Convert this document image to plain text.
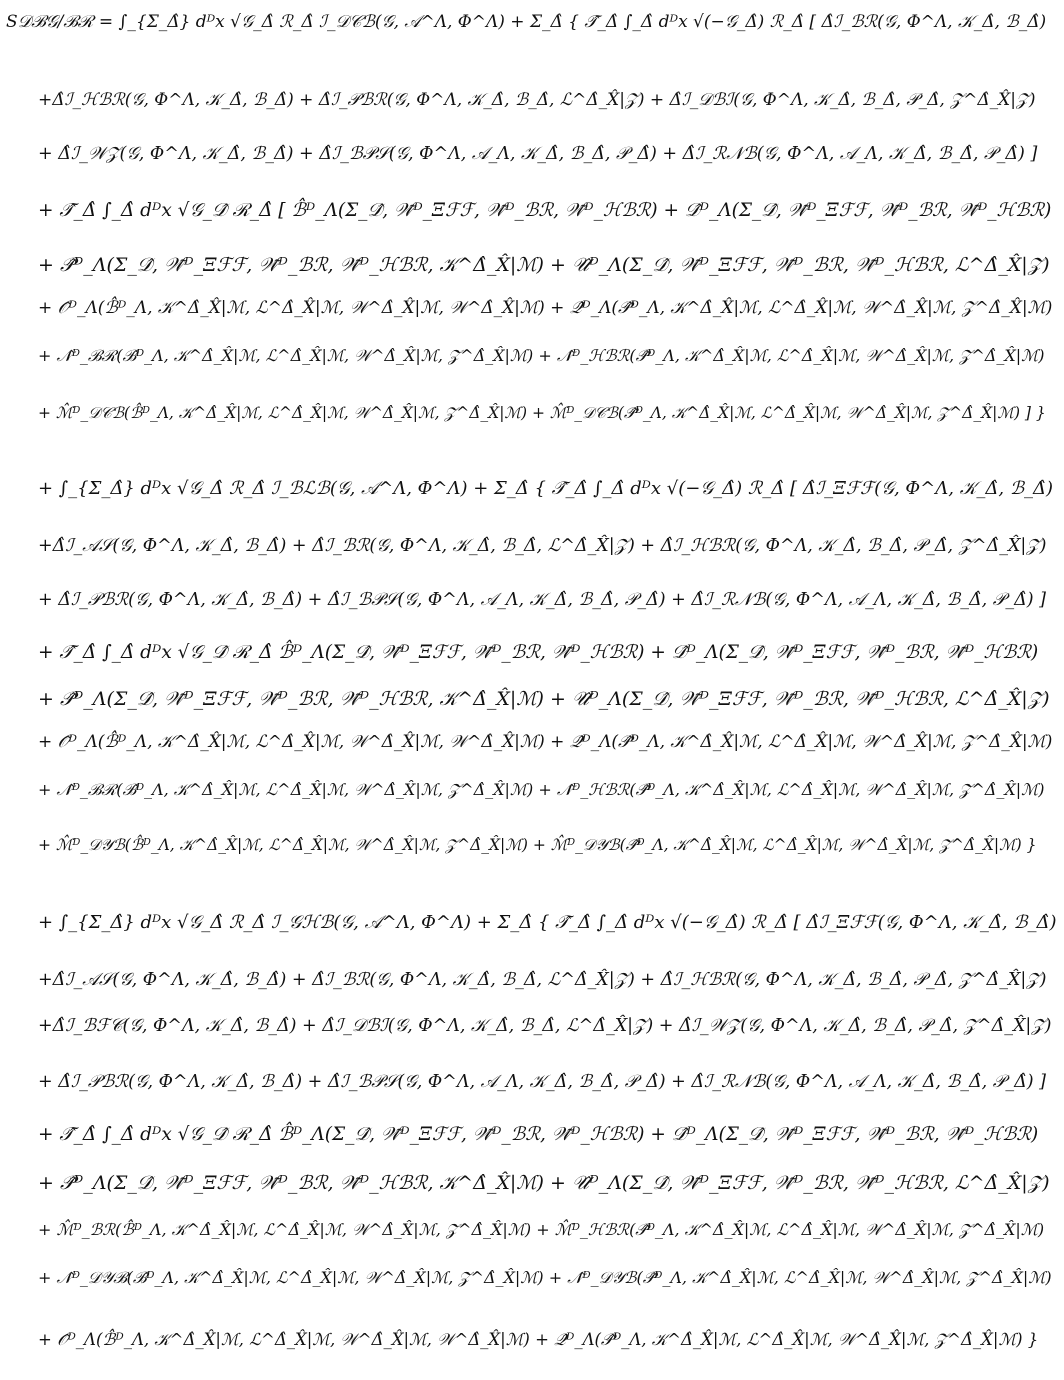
S𝒟ℬ𝒢/ℬℛ = ∫_{Σ_Δ̂} dᴰx √𝒢_Δ̂ ℛ_Δ̂ ℐ_𝒟𝒞ℬ(𝒢, 𝒜^Λ, Φ^Λ) + Σ_Δ̂ { 𝒯̂_Δ̂ ∫_Δ̂ dᴰx √(−𝒢_Δ̂) ℛ_Δ̂ [ Δ̂ℐ_ℬℛ(𝒢, Φ^Λ, 𝒦_Δ̂, ℬ_Δ̂)
+Δ̂ℐ_ℋℬℛ(𝒢, Φ^Λ, 𝒦_Δ̂, ℬ_Δ̂) + Δ̂ℐ_𝒫ℬℛ(𝒢, Φ^Λ, 𝒦_Δ̂, ℬ_Δ̂, ℒ^Δ̂_X̂|𝒵) + Δ̂ℐ_𝒟ℬℐ(𝒢, Φ^Λ, 𝒦_Δ̂, ℬ_Δ̂, 𝒫_Δ̂, 𝒵^Δ̂_X̂|𝒵)
+ Δ̂ℐ_𝒲𝒵(𝒢, Φ^Λ, 𝒦_Δ̂, ℬ_Δ̂) + Δ̂ℐ_ℬ𝒫𝒮(𝒢, Φ^Λ, 𝒜_Λ, 𝒦_Δ̂, ℬ_Δ̂, 𝒫_Δ̂) + Δ̂ℐ_ℛ𝒩ℬ(𝒢, Φ^Λ, 𝒜_Λ, 𝒦_Δ̂, ℬ_Δ̂, 𝒫_Δ̂) ]
+ 𝒯̂_Δ̂ ∫_Δ̂ dᴰx √𝒢_𝒟̂ ℛ_Δ̂ [ ℬ̂ᴰ_Λ(Σ_𝒟̂, 𝒲̃ᴰ_Ξℱℱ, 𝒲̃ᴰ_ℬℛ, 𝒲̃ᴰ_ℋℬℛ) + 𝒟̂ᴰ_Λ(Σ_𝒟̂, 𝒲̃ᴰ_Ξℱℱ, 𝒲̃ᴰ_ℬℛ, 𝒲̃ᴰ_ℋℬℛ)
+ 𝒫̂ᴰ_Λ(Σ_𝒟̂, 𝒲̃ᴰ_Ξℱℱ, 𝒲̃ᴰ_ℬℛ, 𝒲̃ᴰ_ℋℬℛ, 𝒦^Δ̂_X̂|ℳ) + 𝒰̂ᴰ_Λ(Σ_𝒟̂, 𝒲̃ᴰ_Ξℱℱ, 𝒲̃ᴰ_ℬℛ, 𝒲̃ᴰ_ℋℬℛ, ℒ^Δ̂_X̂|𝒵)
+ 𝒪̂ᴰ_Λ(ℬ̂ᴰ_Λ, 𝒦^Δ̂_X̂|ℳ, ℒ^Δ̂_X̂|ℳ, 𝒲^Δ̂_X̂|ℳ, 𝒲^Δ̂_X̂|ℳ) + 𝒬̂ᴰ_Λ(𝒫̂ᴰ_Λ, 𝒦^Δ̂_X̂|ℳ, ℒ^Δ̂_X̂|ℳ, 𝒲^Δ̂_X̂|ℳ, 𝒵^Δ̂_X̂|ℳ)
+ 𝒩̂ᴰ_ℬℛ(ℬ̂ᴰ_Λ, 𝒦^Δ̂_X̂|ℳ, ℒ^Δ̂_X̂|ℳ, 𝒲^Δ̂_X̂|ℳ, 𝒵^Δ̂_X̂|ℳ) + 𝒩̂ᴰ_ℋℬℛ(𝒫̂ᴰ_Λ, 𝒦^Δ̂_X̂|ℳ, ℒ^Δ̂_X̂|ℳ, 𝒲^Δ̂_X̂|ℳ, 𝒵^Δ̂_X̂|ℳ)
+ ℳ̂ᴰ_𝒟𝒞ℬ(ℬ̂ᴰ_Λ, 𝒦^Δ̂_X̂|ℳ, ℒ^Δ̂_X̂|ℳ, 𝒲^Δ̂_X̂|ℳ, 𝒵^Δ̂_X̂|ℳ) + ℳ̂ᴰ_𝒟𝒞ℬ(𝒫̂ᴰ_Λ, 𝒦^Δ̂_X̂|ℳ, ℒ^Δ̂_X̂|ℳ, 𝒲^Δ̂_X̂|ℳ, 𝒵^Δ̂_X̂|ℳ) ] }
+ ∫_{Σ_Δ̂} dᴰx √𝒢_Δ̂ ℛ_Δ̂ ℐ_ℬℒℬ(𝒢, 𝒜^Λ, Φ^Λ) + Σ_Δ̂ { 𝒯̂_Δ̂ ∫_Δ̂ dᴰx √(−𝒢_Δ̂) ℛ_Δ̂ [ Δ̂ℐ_Ξℱℱ(𝒢, Φ^Λ, 𝒦_Δ̂, ℬ_Δ̂)
+Δ̂ℐ_𝒜𝒮(𝒢, Φ^Λ, 𝒦_Δ̂, ℬ_Δ̂) + Δ̂ℐ_ℬℛ(𝒢, Φ^Λ, 𝒦_Δ̂, ℬ_Δ̂, ℒ^Δ̂_X̂|𝒵) + Δ̂ℐ_ℋℬℛ(𝒢, Φ^Λ, 𝒦_Δ̂, ℬ_Δ̂, 𝒫_Δ̂, 𝒵^Δ̂_X̂|𝒵)
+ Δ̂ℐ_𝒫ℬℛ(𝒢, Φ^Λ, 𝒦_Δ̂, ℬ_Δ̂) + Δ̂ℐ_ℬ𝒫𝒮(𝒢, Φ^Λ, 𝒜_Λ, 𝒦_Δ̂, ℬ_Δ̂, 𝒫_Δ̂) + Δ̂ℐ_ℛ𝒩ℬ(𝒢, Φ^Λ, 𝒜_Λ, 𝒦_Δ̂, ℬ_Δ̂, 𝒫_Δ̂) ]
+ 𝒯̂_Δ̂ ∫_Δ̂ dᴰx √𝒢_𝒟̂ ℛ_Δ̂ ℬ̂ᴰ_Λ(Σ_𝒟̂, 𝒲̃ᴰ_Ξℱℱ, 𝒲̃ᴰ_ℬℛ, 𝒲̃ᴰ_ℋℬℛ) + 𝒟̂ᴰ_Λ(Σ_𝒟̂, 𝒲̃ᴰ_Ξℱℱ, 𝒲̃ᴰ_ℬℛ, 𝒲̃ᴰ_ℋℬℛ)
+ 𝒫̂ᴰ_Λ(Σ_𝒟̂, 𝒲̃ᴰ_Ξℱℱ, 𝒲̃ᴰ_ℬℛ, 𝒲̃ᴰ_ℋℬℛ, 𝒦^Δ̂_X̂|ℳ) + 𝒰̂ᴰ_Λ(Σ_𝒟̂, 𝒲̃ᴰ_Ξℱℱ, 𝒲̃ᴰ_ℬℛ, 𝒲̃ᴰ_ℋℬℛ, ℒ^Δ̂_X̂|𝒵)
+ 𝒪̂ᴰ_Λ(ℬ̂ᴰ_Λ, 𝒦^Δ̂_X̂|ℳ, ℒ^Δ̂_X̂|ℳ, 𝒲^Δ̂_X̂|ℳ, 𝒲^Δ̂_X̂|ℳ) + 𝒬̂ᴰ_Λ(𝒫̂ᴰ_Λ, 𝒦^Δ̂_X̂|ℳ, ℒ^Δ̂_X̂|ℳ, 𝒲^Δ̂_X̂|ℳ, 𝒵^Δ̂_X̂|ℳ)
+ 𝒩̂ᴰ_ℬℛ(ℬ̂ᴰ_Λ, 𝒦^Δ̂_X̂|ℳ, ℒ^Δ̂_X̂|ℳ, 𝒲^Δ̂_X̂|ℳ, 𝒵^Δ̂_X̂|ℳ) + 𝒩̂ᴰ_ℋℬℛ(𝒫̂ᴰ_Λ, 𝒦^Δ̂_X̂|ℳ, ℒ^Δ̂_X̂|ℳ, 𝒲^Δ̂_X̂|ℳ, 𝒵^Δ̂_X̂|ℳ)
+ ℳ̂ᴰ_𝒟𝒴ℬ(ℬ̂ᴰ_Λ, 𝒦^Δ̂_X̂|ℳ, ℒ^Δ̂_X̂|ℳ, 𝒲^Δ̂_X̂|ℳ, 𝒵^Δ̂_X̂|ℳ) + ℳ̂ᴰ_𝒟𝒴ℬ(𝒫̂ᴰ_Λ, 𝒦^Δ̂_X̂|ℳ, ℒ^Δ̂_X̂|ℳ, 𝒲^Δ̂_X̂|ℳ, 𝒵^Δ̂_X̂|ℳ) }
+ ∫_{Σ_Δ̂} dᴰx √𝒢_Δ̂ ℛ_Δ̂ ℐ_𝒢ℋℬ(𝒢, 𝒜^Λ, Φ^Λ) + Σ_Δ̂ { 𝒯̂_Δ̂ ∫_Δ̂ dᴰx √(−𝒢_Δ̂) ℛ_Δ̂ [ Δ̂ℐ_Ξℱℱ(𝒢, Φ^Λ, 𝒦_Δ̂, ℬ_Δ̂)
+Δ̂ℐ_𝒜𝒮(𝒢, Φ^Λ, 𝒦_Δ̂, ℬ_Δ̂) + Δ̂ℐ_ℬℛ(𝒢, Φ^Λ, 𝒦_Δ̂, ℬ_Δ̂, ℒ^Δ̂_X̂|𝒵) + Δ̂ℐ_ℋℬℛ(𝒢, Φ^Λ, 𝒦_Δ̂, ℬ_Δ̂, 𝒫_Δ̂, 𝒵^Δ̂_X̂|𝒵)
+Δ̂ℐ_ℬℱ𝒞(𝒢, Φ^Λ, 𝒦_Δ̂, ℬ_Δ̂) + Δ̂ℐ_𝒟ℬℐ(𝒢, Φ^Λ, 𝒦_Δ̂, ℬ_Δ̂, ℒ^Δ̂_X̂|𝒵) + Δ̂ℐ_𝒲𝒵(𝒢, Φ^Λ, 𝒦_Δ̂, ℬ_Δ̂, 𝒫_Δ̂, 𝒵^Δ̂_X̂|𝒵)
+ Δ̂ℐ_𝒫ℬℛ(𝒢, Φ^Λ, 𝒦_Δ̂, ℬ_Δ̂) + Δ̂ℐ_ℬ𝒫𝒮(𝒢, Φ^Λ, 𝒜_Λ, 𝒦_Δ̂, ℬ_Δ̂, 𝒫_Δ̂) + Δ̂ℐ_ℛ𝒩ℬ(𝒢, Φ^Λ, 𝒜_Λ, 𝒦_Δ̂, ℬ_Δ̂, 𝒫_Δ̂) ]
+ 𝒯̂_Δ̂ ∫_Δ̂ dᴰx √𝒢_𝒟̂ ℛ_Δ̂ ℬ̂ᴰ_Λ(Σ_𝒟̂, 𝒲̃ᴰ_Ξℱℱ, 𝒲̃ᴰ_ℬℛ, 𝒲̃ᴰ_ℋℬℛ) + 𝒟̂ᴰ_Λ(Σ_𝒟̂, 𝒲̃ᴰ_Ξℱℱ, 𝒲̃ᴰ_ℬℛ, 𝒲̃ᴰ_ℋℬℛ)
+ 𝒫̂ᴰ_Λ(Σ_𝒟̂, 𝒲̃ᴰ_Ξℱℱ, 𝒲̃ᴰ_ℬℛ, 𝒲̃ᴰ_ℋℬℛ, 𝒦^Δ̂_X̂|ℳ) + 𝒰̂ᴰ_Λ(Σ_𝒟̂, 𝒲̃ᴰ_Ξℱℱ, 𝒲̃ᴰ_ℬℛ, 𝒲̃ᴰ_ℋℬℛ, ℒ^Δ̂_X̂|𝒵)
+ ℳ̂ᴰ_ℬℛ(ℬ̂ᴰ_Λ, 𝒦^Δ̂_X̂|ℳ, ℒ^Δ̂_X̂|ℳ, 𝒲^Δ̂_X̂|ℳ, 𝒵^Δ̂_X̂|ℳ) + ℳ̂ᴰ_ℋℬℛ(𝒫̂ᴰ_Λ, 𝒦^Δ̂_X̂|ℳ, ℒ^Δ̂_X̂|ℳ, 𝒲^Δ̂_X̂|ℳ, 𝒵^Δ̂_X̂|ℳ)
+ 𝒩̂ᴰ_𝒟𝒴ℬ(ℬ̂ᴰ_Λ, 𝒦^Δ̂_X̂|ℳ, ℒ^Δ̂_X̂|ℳ, 𝒲^Δ̂_X̂|ℳ, 𝒵^Δ̂_X̂|ℳ) + 𝒩̂ᴰ_𝒟𝒴ℬ(𝒫̂ᴰ_Λ, 𝒦^Δ̂_X̂|ℳ, ℒ^Δ̂_X̂|ℳ, 𝒲^Δ̂_X̂|ℳ, 𝒵^Δ̂_X̂|ℳ)
+ 𝒪̂ᴰ_Λ(ℬ̂ᴰ_Λ, 𝒦^Δ̂_X̂|ℳ, ℒ^Δ̂_X̂|ℳ, 𝒲^Δ̂_X̂|ℳ, 𝒲^Δ̂_X̂|ℳ) + 𝒬̂ᴰ_Λ(𝒫̂ᴰ_Λ, 𝒦^Δ̂_X̂|ℳ, ℒ^Δ̂_X̂|ℳ, 𝒲^Δ̂_X̂|ℳ, 𝒵^Δ̂_X̂|ℳ) }
